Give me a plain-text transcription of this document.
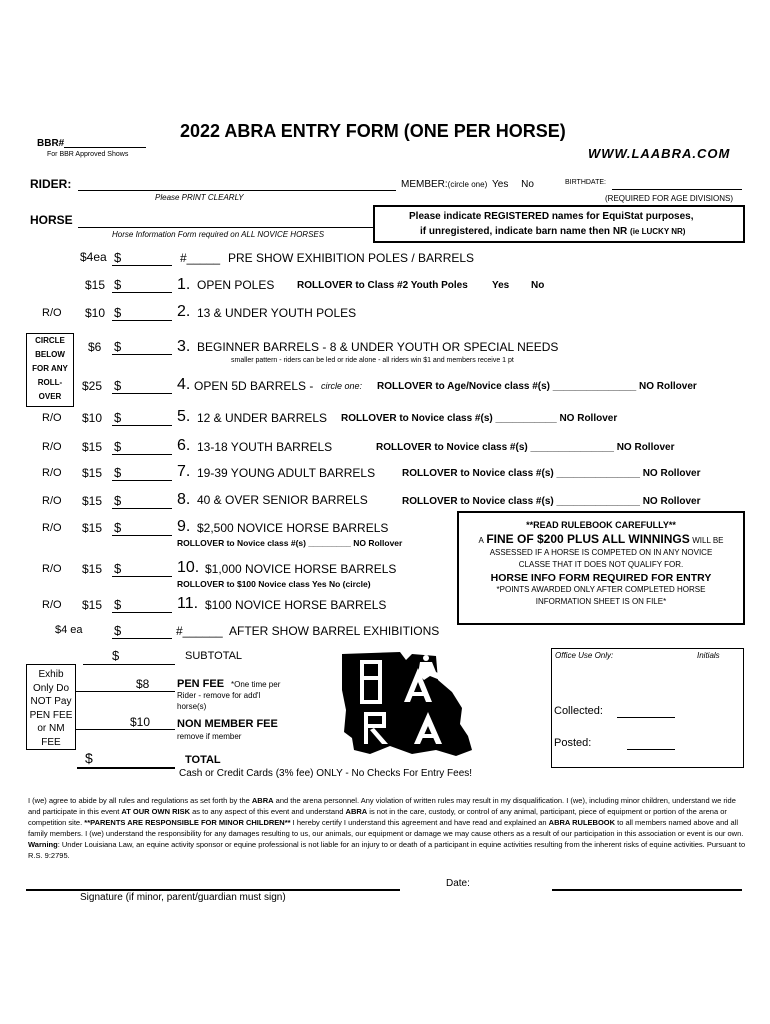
BBR#
For BBR Approved Shows
2022 ABRA ENTRY FORM (ONE PER HORSE)
WWW.LAABRA.COM
RIDER:
Please PRINT CLEARLY
MEMBER:(circle one) Yes No	BIRTHDATE:
(REQUIRED FOR AGE DIVISIONS)
HORSE
Horse Information Form required on ALL NOVICE HORSES
Please indicate REGISTERED names for EquiStat purposes,
if unregistered, indicate barn name then NR (ie LUCKY NR)
$4ea $	#_____ PRE SHOW EXHIBITION POLES / BARRELS
$15 $	1. OPEN POLES ROLLOVER to Class #2 Youth Poles Yes No
R/O $10 $	2. 13 & UNDER YOUTH POLES
CIRCLE
BELOW
FOR ANY
ROLL-
OVER
$6 $	3. BEGINNER BARRELS - 8 & UNDER YOUTH OR SPECIAL NEEDS
smaller pattern - riders can be led or ride alone - all riders win $1 and members receive 1 pt
$25 $	4. OPEN 5D BARRELS - circle one: ROLLOVER to Age/Novice class #(s) _______________ NO Rollover
R/O $10 $	5. 12 & UNDER BARRELS ROLLOVER to Novice class #(s) ___________ NO Rollover
R/O $15 $	6. 13-18 YOUTH BARRELS	ROLLOVER to Novice class #(s) _______________ NO Rollover
R/O $15 $	7. 19-39 YOUNG ADULT BARRELS	ROLLOVER to Novice class #(s) _______________ NO Rollover
R/O $15 $	8. 40 & OVER SENIOR BARRELS	ROLLOVER to Novice class #(s) _______________ NO Rollover
R/O $15 $	9. $2,500 NOVICE HORSE BARRELS
ROLLOVER to Novice class #(s) _________ NO Rollover
R/O $15 $	10. $1,000 NOVICE HORSE BARRELS
ROLLOVER to $100 Novice class Yes No (circle)
R/O $15 $	11. $100 NOVICE HORSE BARRELS
**READ RULEBOOK CAREFULLY**
A FINE OF $200 PLUS ALL WINNINGS WILL BE
ASSESSED IF A HORSE IS COMPETED ON IN ANY NOVICE
CLASSE THAT IT DOES NOT QUALIFY FOR.
HORSE INFO FORM REQUIRED FOR ENTRY
*POINTS AWARDED ONLY AFTER COMPLETED HORSE
INFORMATION SHEET IS ON FILE*
$4 ea $	#______ AFTER SHOW BARREL EXHIBITIONS
$	SUBTOTAL
Exhib
Only Do
NOT Pay
PEN FEE
or NM
FEE
$8	PEN FEE *One time per
Rider - remove for add'l
horse(s)
$10 NON MEMBER FEE
remove if member
$	TOTAL
Cash or Credit Cards (3% fee) ONLY - No Checks For Entry Fees!
Office Use Only:	Initials
Collected:
Posted:
I (we) agree to abide by all rules and regulations as set forth by the ABRA and the arena personnel. Any violation of written rules may result in my disqualification. I (we), including minor children, understand we ride and participate in this event AT OUR OWN RISK as to any aspect of this event and understand ABRA is not in the care, custody, or control of any animal, participant, piece of equipment or portion of the arena or competition site. **PARENTS ARE RESPONSIBLE FOR MINOR CHILDREN** I hereby certify I understand this agreement and have read and explained an ABRA RULEBOOK to all members named above and all family members. I (we) understand the responsibility for any damages resulting to us, our animals, our equipment or damage we may cause others as a result of our participation in this association or event is our own. Warning: Under Louisiana Law, an equine activity sponsor or equine professional is not liable for an injury to or death of a participant in equine activities resulting from the inherent risks of equine activities. Pursuant to R.S. 9:2795.
Signature (if minor, parent/guardian must sign)
Date:
